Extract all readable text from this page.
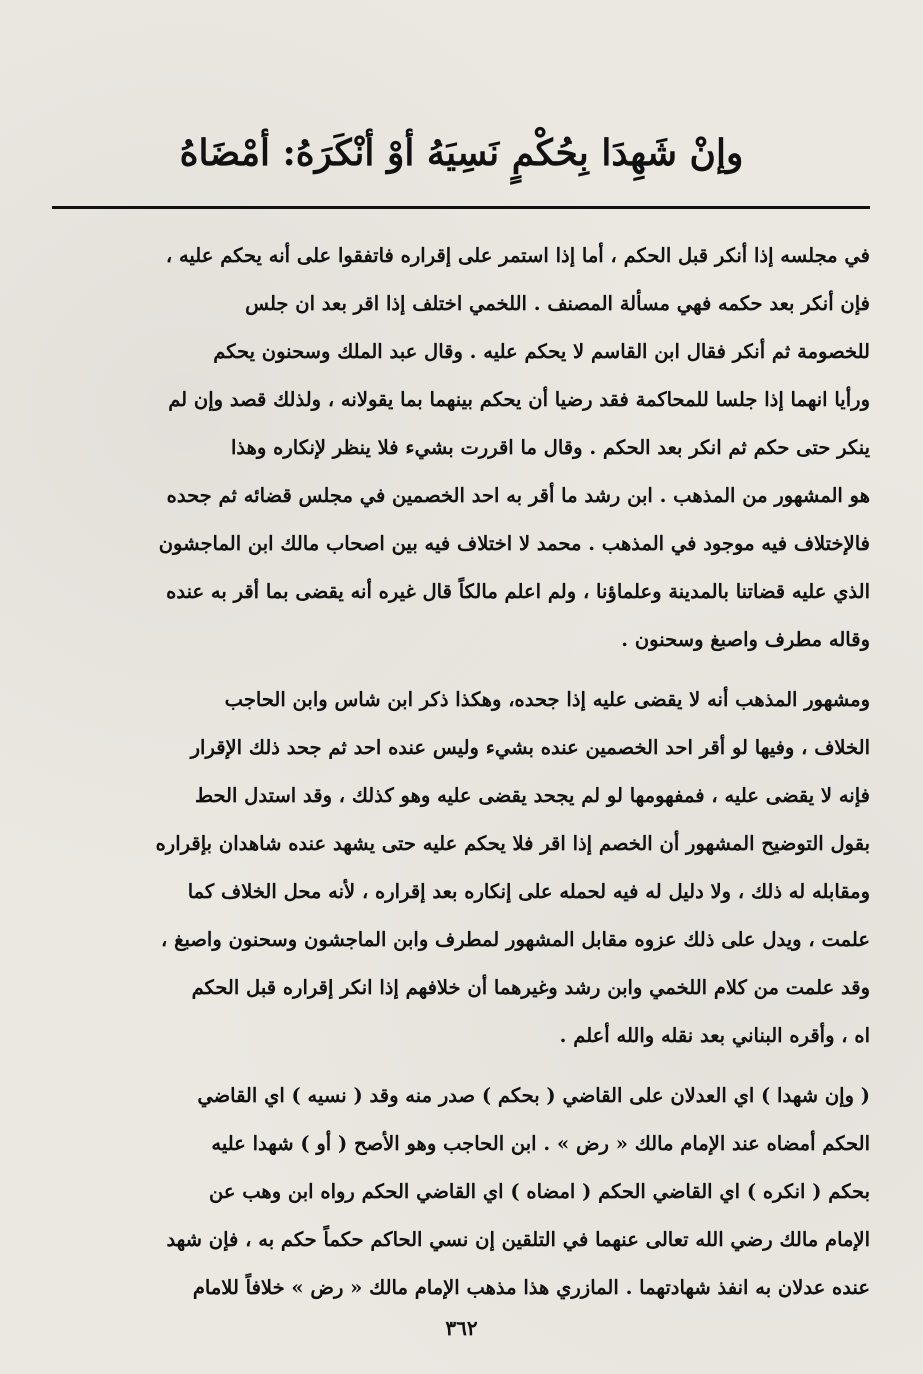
وإنْ شَهِدَا بِحُكْمٍ نَسِيَهُ أوْ أنْكَرَهُ: أمْضَاهُ
في مجلسه إذا أنكر قبل الحكم ، أما إذا استمر على إقراره فاتفقوا على أنه يحكم عليه ،
فإن أنكر بعد حكمه فهي مسألة المصنف . اللخمي اختلف إذا اقر بعد ان جلس
للخصومة ثم أنكر فقال ابن القاسم لا يحكم عليه . وقال عبد الملك وسحنون يحكم
ورأيا انهما إذا جلسا للمحاكمة فقد رضيا أن يحكم بينهما بما يقولانه ، ولذلك قصد وإن لم
ينكر حتى حكم ثم انكر بعد الحكم . وقال ما اقررت بشيء فلا ينظر لإنكاره وهذا
هو المشهور من المذهب . ابن رشد ما أقر به احد الخصمين في مجلس قضائه ثم جحده
فالإختلاف فيه موجود في المذهب . محمد لا اختلاف فيه بين اصحاب مالك ابن الماجشون
الذي عليه قضاتنا بالمدينة وعلماؤنا ، ولم اعلم مالكاً قال غيره أنه يقضى بما أقر به عنده
وقاله مطرف واصبغ وسحنون .
ومشهور المذهب أنه لا يقضى عليه إذا جحده، وهكذا ذكر ابن شاس وابن الحاجب
الخلاف ، وفيها لو أقر احد الخصمين عنده بشيء وليس عنده احد ثم جحد ذلك الإقرار
فإنه لا يقضى عليه ، فمفهومها لو لم يجحد يقضى عليه وهو كذلك ، وقد استدل الحط
بقول التوضيح المشهور أن الخصم إذا اقر فلا يحكم عليه حتى يشهد عنده شاهدان بإقراره
ومقابله له ذلك ، ولا دليل له فيه لحمله على إنكاره بعد إقراره ، لأنه محل الخلاف كما
علمت ، ويدل على ذلك عزوه مقابل المشهور لمطرف وابن الماجشون وسحنون واصبغ ،
وقد علمت من كلام اللخمي وابن رشد وغيرهما أن خلافهم إذا انكر إقراره قبل الحكم
اه ، وأقره البناني بعد نقله والله أعلم .
( وإن شهدا ) اي العدلان على القاضي ( بحكم ) صدر منه وقد ( نسيه ) اي القاضي
الحكم أمضاه عند الإمام مالك « رض » . ابن الحاجب وهو الأصح ( أو ) شهدا عليه
بحكم ( انكره ) اي القاضي الحكم ( امضاه ) اي القاضي الحكم رواه ابن وهب عن
الإمام مالك رضي الله تعالى عنهما في التلقين إن نسي الحاكم حكماً حكم به ، فإن شهد
عنده عدلان به انفذ شهادتهما . المازري هذا مذهب الإمام مالك « رض » خلافاً للامام
٣٦٢
